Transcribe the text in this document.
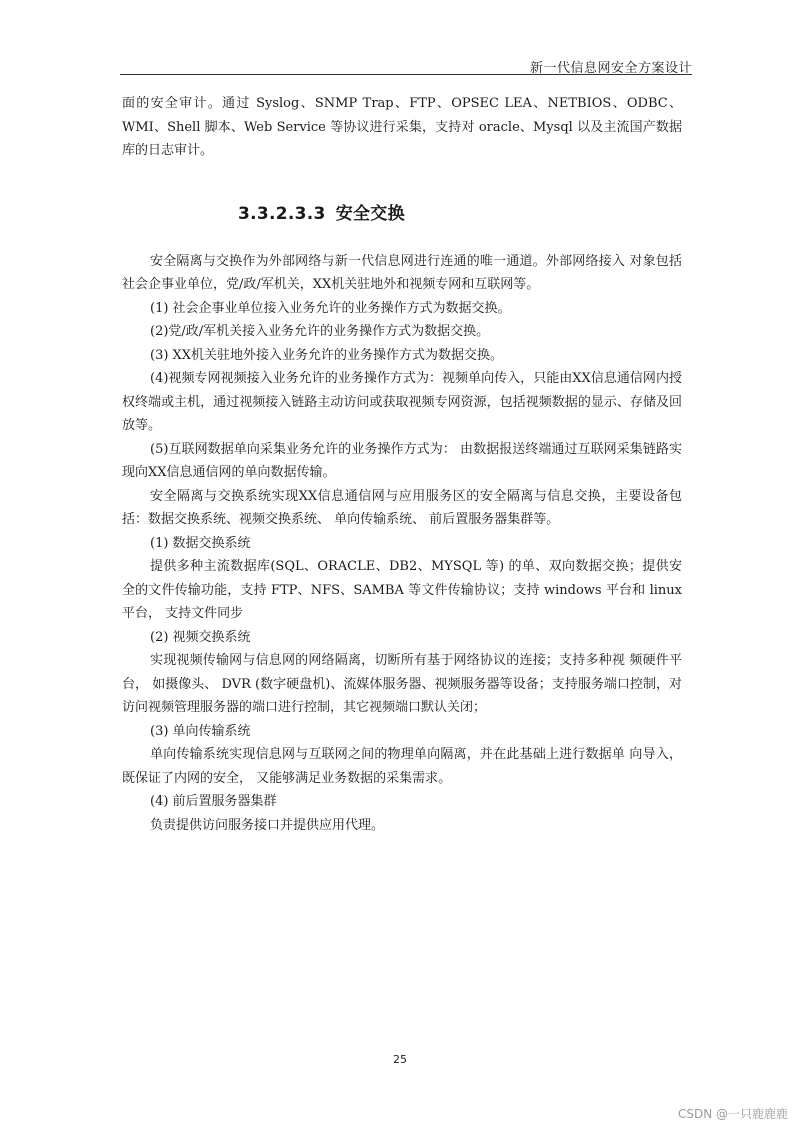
新一代信息网安全方案设计

面的安全审计。通过 Syslog、SNMP Trap、FTP、OPSEC LEA、NETBIOS、ODBC、WMI、Shell 脚本、Web Service 等协议进行采集，支持对 oracle、Mysql 以及主流国产数据库的日志审计。

3.3.2.3.3 安全交换

安全隔离与交换作为外部网络与新一代信息网进行连通的唯一通道。外部网络接入 对象包括社会企事业单位，党/政/军机关，XX机关驻地外和视频专网和互联网等。

(1) 社会企事业单位接入业务允许的业务操作方式为数据交换。

(2)党/政/军机关接入业务允许的业务操作方式为数据交换。

(3) XX机关驻地外接入业务允许的业务操作方式为数据交换。

(4)视频专网视频接入业务允许的业务操作方式为：视频单向传入，只能由XX信息通信网内授权终端或主机，通过视频接入链路主动访问或获取视频专网资源，包括视频数据的显示、存储及回放等。

(5)互联网数据单向采集业务允许的业务操作方式为： 由数据报送终端通过互联网采集链路实现向XX信息通信网的单向数据传输。

安全隔离与交换系统实现XX信息通信网与应用服务区的安全隔离与信息交换，主要设备包括：数据交换系统、视频交换系统、 单向传输系统、 前后置服务器集群等。

(1) 数据交换系统

提供多种主流数据库(SQL、ORACLE、DB2、MYSQL 等) 的单、双向数据交换；提供安全的文件传输功能，支持 FTP、NFS、SAMBA 等文件传输协议；支持 windows 平台和 linux 平台， 支持文件同步

(2) 视频交换系统

实现视频传输网与信息网的网络隔离，切断所有基于网络协议的连接；支持多种视 频硬件平台， 如摄像头、 DVR (数字硬盘机)、流媒体服务器、视频服务器等设备；支持服务端口控制，对访问视频管理服务器的端口进行控制，其它视频端口默认关闭；

(3) 单向传输系统

单向传输系统实现信息网与互联网之间的物理单向隔离，并在此基础上进行数据单 向导入，既保证了内网的安全， 又能够满足业务数据的采集需求。

(4) 前后置服务器集群

负责提供访问服务接口并提供应用代理。

25
CSDN @一只鹿鹿鹿
